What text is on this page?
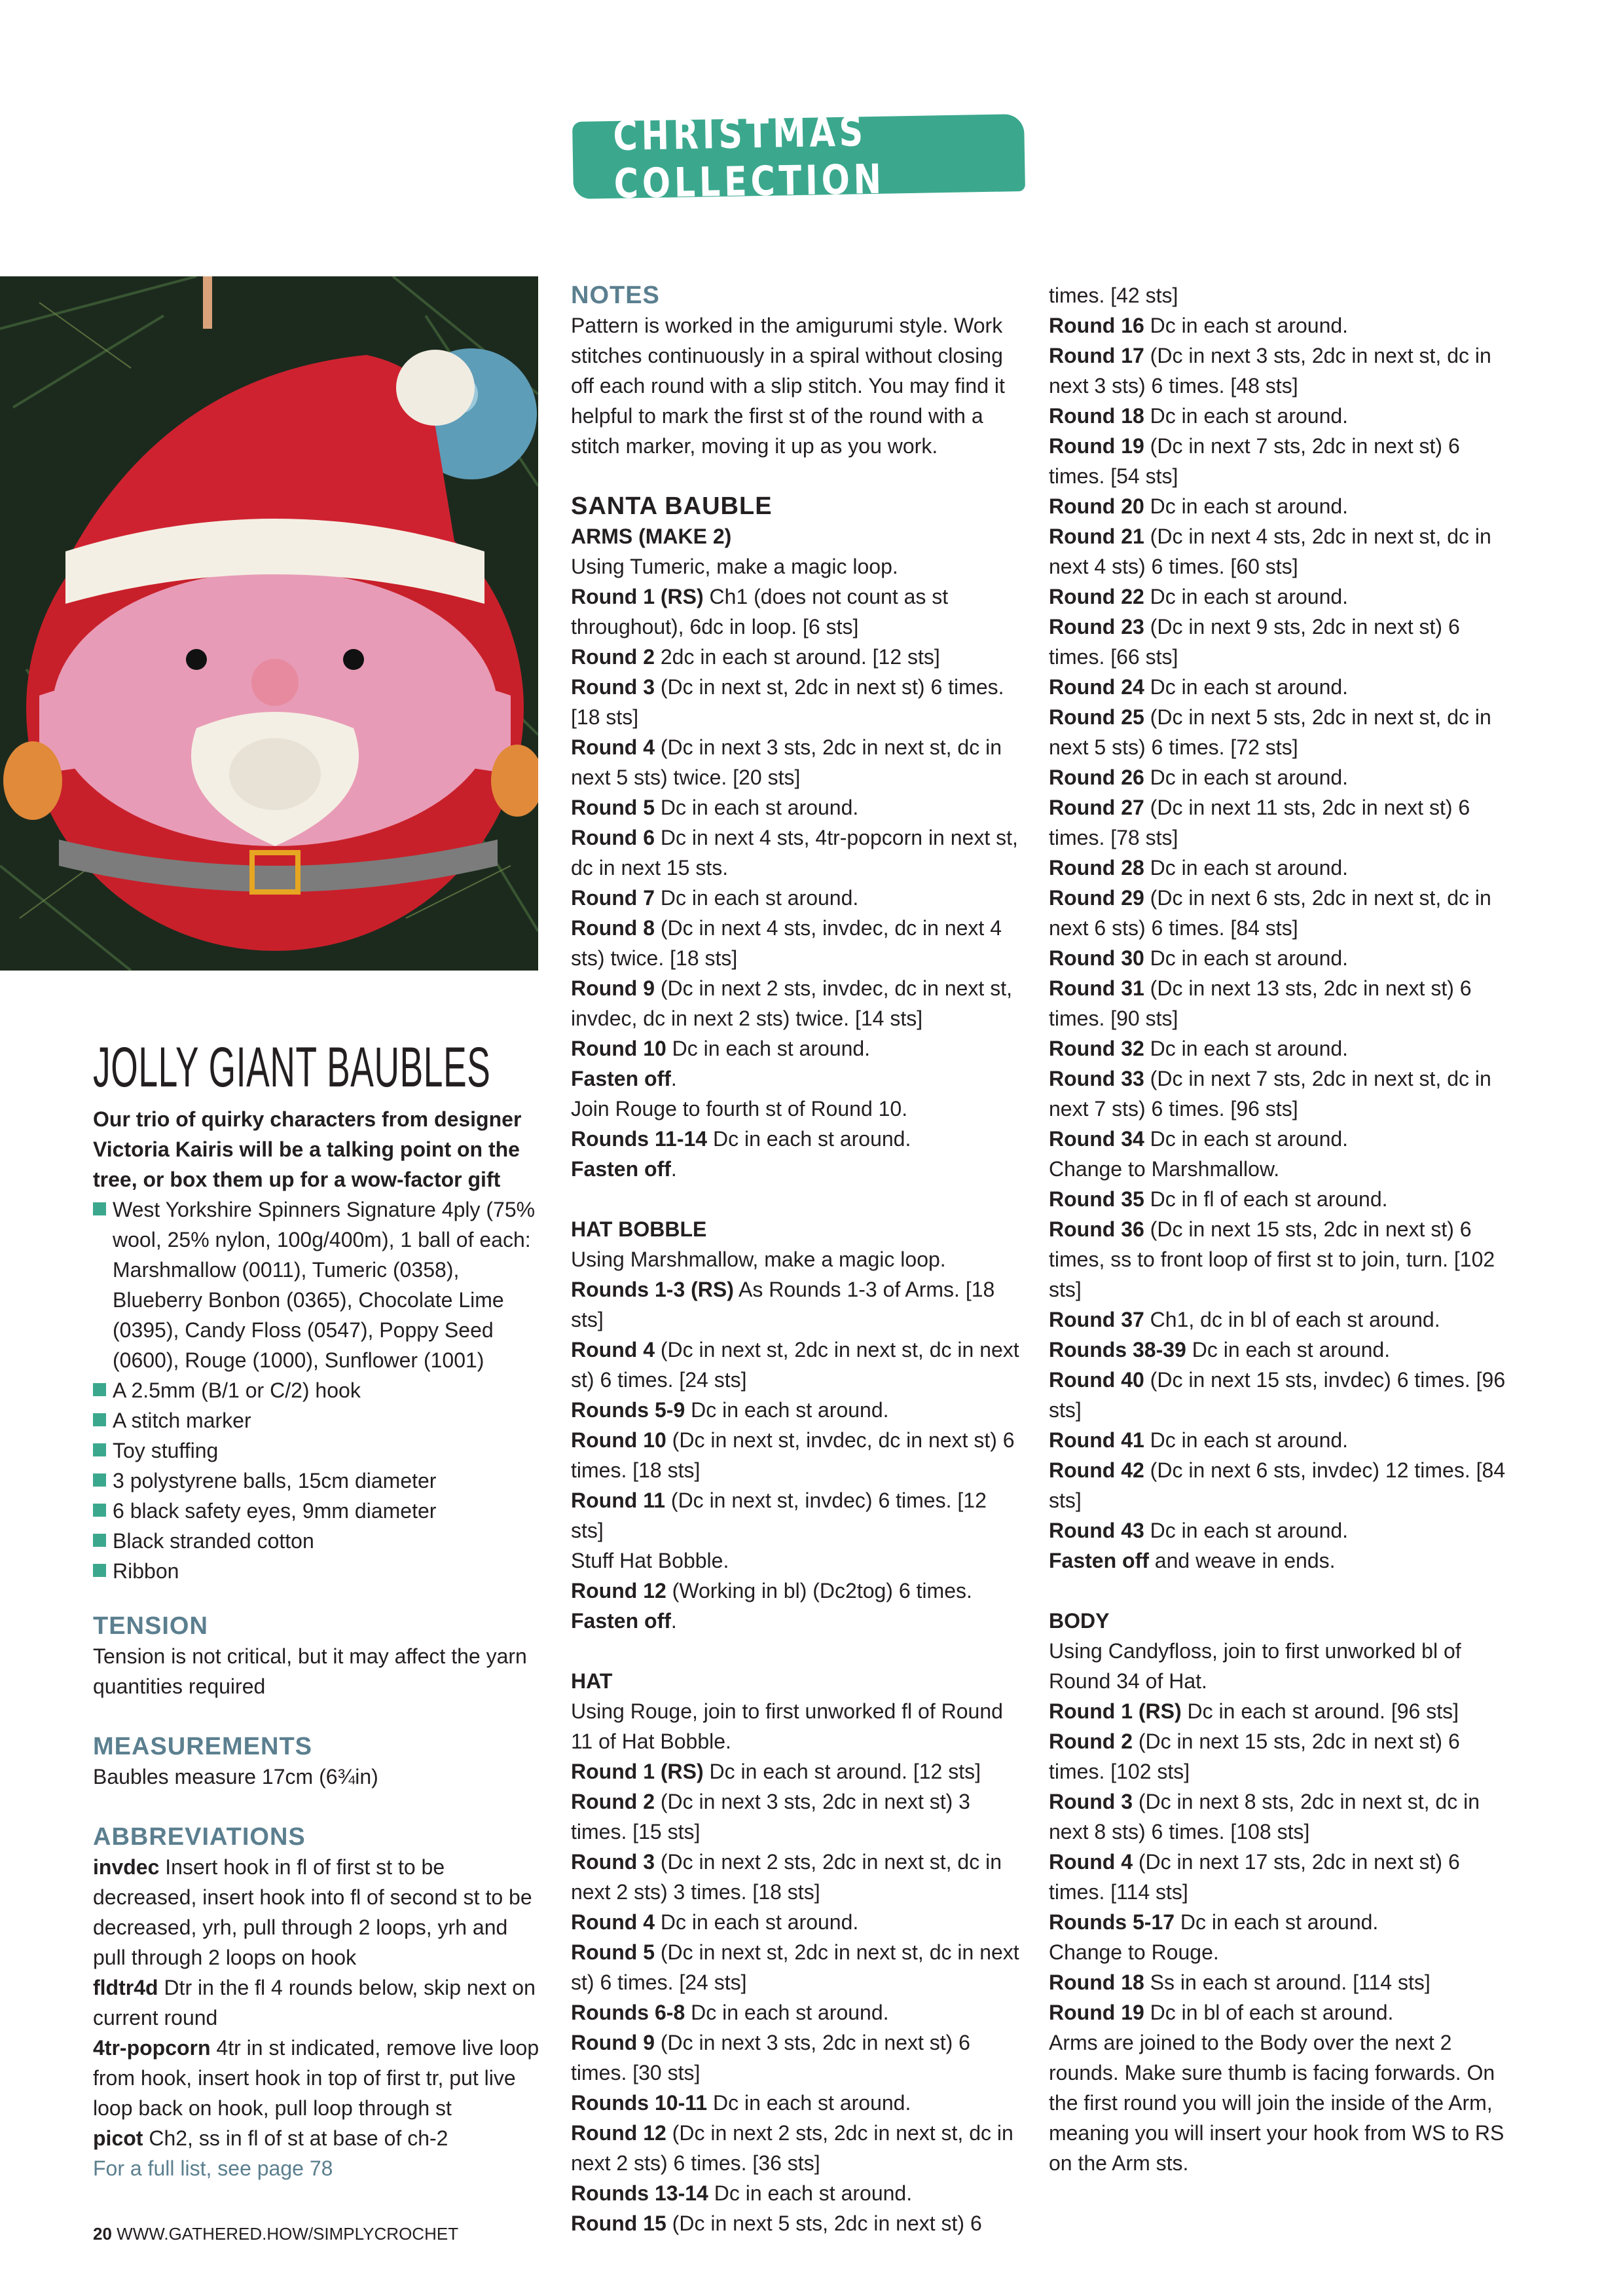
CHRISTMAS COLLECTION
JOLLY GIANT BAUBLES
Our trio of quirky characters from designer Victoria Kairis will be a talking point on the tree, or box them up for a wow-factor gift
West Yorkshire Spinners Signature 4ply (75% wool, 25% nylon, 100g/400m), 1 ball of each: Marshmallow (0011), Tumeric (0358), Blueberry Bonbon (0365), Chocolate Lime (0395), Candy Floss (0547), Poppy Seed (0600), Rouge (1000), Sunflower (1001)
A 2.5mm (B/1 or C/2) hook
A stitch marker
Toy stuffing
3 polystyrene balls, 15cm diameter
6 black safety eyes, 9mm diameter
Black stranded cotton
Ribbon

TENSION

Tension is not critical, but it may affect the yarn quantities required

MEASUREMENTS

Baubles measure 17cm (6¾in)

ABBREVIATIONS

invdec Insert hook in fl of first st to be decreased, insert hook into fl of second st to be decreased, yrh, pull through 2 loops, yrh and pull through 2 loops on hook

fldtr4d Dtr in the fl 4 rounds below, skip next on current round

4tr-popcorn 4tr in st indicated, remove live loop from hook, insert hook in top of first tr, put live loop back on hook, pull loop through st

picot Ch2, ss in fl of st at base of ch-2

For a full list, see page 78

NOTES

Pattern is worked in the amigurumi style. Work stitches continuously in a spiral without closing off each round with a slip stitch. You may find it helpful to mark the first st of the round with a stitch marker, moving it up as you work.

SANTA BAUBLE

ARMS (MAKE 2)

Using Tumeric, make a magic loop.

Round 1 (RS) Ch1 (does not count as st throughout), 6dc in loop. [6 sts]

Round 2 2dc in each st around. [12 sts]

Round 3 (Dc in next st, 2dc in next st) 6 times. [18 sts]

Round 4 (Dc in next 3 sts, 2dc in next st, dc in next 5 sts) twice. [20 sts]

Round 5 Dc in each st around.

Round 6 Dc in next 4 sts, 4tr-popcorn in next st, dc in next 15 sts.

Round 7 Dc in each st around.

Round 8 (Dc in next 4 sts, invdec, dc in next 4 sts) twice. [18 sts]

Round 9 (Dc in next 2 sts, invdec, dc in next st, invdec, dc in next 2 sts) twice. [14 sts]

Round 10 Dc in each st around.

Fasten off.

Join Rouge to fourth st of Round 10.

Rounds 11-14 Dc in each st around.

Fasten off.

HAT BOBBLE

Using Marshmallow, make a magic loop.

Rounds 1-3 (RS) As Rounds 1-3 of Arms. [18 sts]

Round 4 (Dc in next st, 2dc in next st, dc in next st) 6 times. [24 sts]

Rounds 5-9 Dc in each st around.

Round 10 (Dc in next st, invdec, dc in next st) 6 times. [18 sts]

Round 11 (Dc in next st, invdec) 6 times. [12 sts]

Stuff Hat Bobble.

Round 12 (Working in bl) (Dc2tog) 6 times.

Fasten off.

HAT

Using Rouge, join to first unworked fl of Round 11 of Hat Bobble.

Round 1 (RS) Dc in each st around. [12 sts]

Round 2 (Dc in next 3 sts, 2dc in next st) 3 times. [15 sts]

Round 3 (Dc in next 2 sts, 2dc in next st, dc in next 2 sts) 3 times. [18 sts]

Round 4 Dc in each st around.

Round 5 (Dc in next st, 2dc in next st, dc in next st) 6 times. [24 sts]

Rounds 6-8 Dc in each st around.

Round 9 (Dc in next 3 sts, 2dc in next st) 6 times. [30 sts]

Rounds 10-11 Dc in each st around.

Round 12 (Dc in next 2 sts, 2dc in next st, dc in next 2 sts) 6 times. [36 sts]

Rounds 13-14 Dc in each st around.

Round 15 (Dc in next 5 sts, 2dc in next st) 6

times. [42 sts]

Round 16 Dc in each st around.

Round 17 (Dc in next 3 sts, 2dc in next st, dc in next 3 sts) 6 times. [48 sts]

Round 18 Dc in each st around.

Round 19 (Dc in next 7 sts, 2dc in next st) 6 times. [54 sts]

Round 20 Dc in each st around.

Round 21 (Dc in next 4 sts, 2dc in next st, dc in next 4 sts) 6 times. [60 sts]

Round 22 Dc in each st around.

Round 23 (Dc in next 9 sts, 2dc in next st) 6 times. [66 sts]

Round 24 Dc in each st around.

Round 25 (Dc in next 5 sts, 2dc in next st, dc in next 5 sts) 6 times. [72 sts]

Round 26 Dc in each st around.

Round 27 (Dc in next 11 sts, 2dc in next st) 6 times. [78 sts]

Round 28 Dc in each st around.

Round 29 (Dc in next 6 sts, 2dc in next st, dc in next 6 sts) 6 times. [84 sts]

Round 30 Dc in each st around.

Round 31 (Dc in next 13 sts, 2dc in next st) 6 times. [90 sts]

Round 32 Dc in each st around.

Round 33 (Dc in next 7 sts, 2dc in next st, dc in next 7 sts) 6 times. [96 sts]

Round 34 Dc in each st around.

Change to Marshmallow.

Round 35 Dc in fl of each st around.

Round 36 (Dc in next 15 sts, 2dc in next st) 6 times, ss to front loop of first st to join, turn. [102 sts]

Round 37 Ch1, dc in bl of each st around.

Rounds 38-39 Dc in each st around.

Round 40 (Dc in next 15 sts, invdec) 6 times. [96 sts]

Round 41 Dc in each st around.

Round 42 (Dc in next 6 sts, invdec) 12 times. [84 sts]

Round 43 Dc in each st around.

Fasten off and weave in ends.

BODY

Using Candyfloss, join to first unworked bl of Round 34 of Hat.

Round 1 (RS) Dc in each st around. [96 sts]

Round 2 (Dc in next 15 sts, 2dc in next st) 6 times. [102 sts]

Round 3 (Dc in next 8 sts, 2dc in next st, dc in next 8 sts) 6 times. [108 sts]

Round 4 (Dc in next 17 sts, 2dc in next st) 6 times. [114 sts]

Rounds 5-17 Dc in each st around.

Change to Rouge.

Round 18 Ss in each st around. [114 sts]

Round 19 Dc in bl of each st around.

Arms are joined to the Body over the next 2 rounds. Make sure thumb is facing forwards. On the first round you will join the inside of the Arm, meaning you will insert your hook from WS to RS on the Arm sts.

20 WWW.GATHERED.HOW/SIMPLYCROCHET
